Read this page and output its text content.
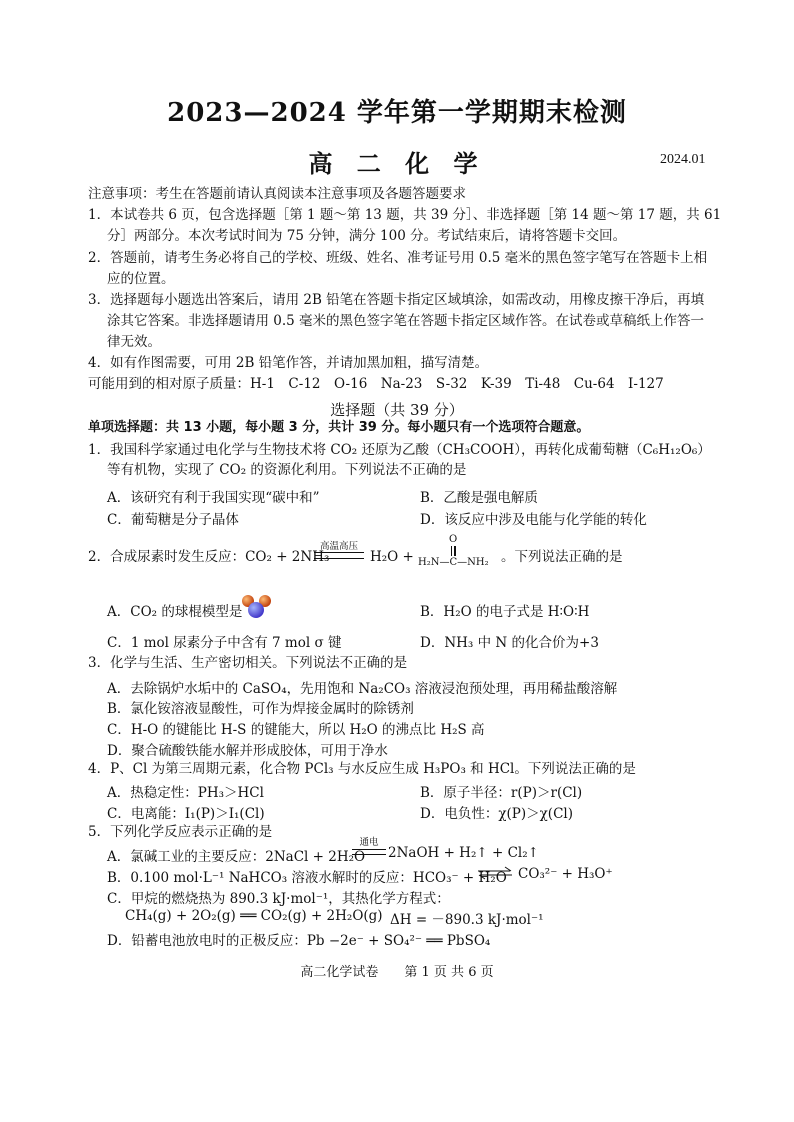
2023—2024 学年第一学期期末检测
高 二 化 学	2024.01
注意事项：考生在答题前请认真阅读本注意事项及各题答题要求
1．本试卷共 6 页，包含选择题［第 1 题～第 13 题，共 39 分］、非选择题［第 14 题～第 17 题，共 61
分］两部分。本次考试时间为 75 分钟，满分 100 分。考试结束后，请将答题卡交回。
2．答题前，请考生务必将自己的学校、班级、姓名、准考证号用 0.5 毫米的黑色签字笔写在答题卡上相
应的位置。
3．选择题每小题选出答案后，请用 2B 铅笔在答题卡指定区域填涂，如需改动，用橡皮擦干净后，再填
涂其它答案。非选择题请用 0.5 毫米的黑色签字笔在答题卡指定区域作答。在试卷或草稿纸上作答一
律无效。
4．如有作图需要，可用 2B 铅笔作答，并请加黑加粗，描写清楚。
可能用到的相对原子质量：H-1　C-12　O-16　Na-23　S-32　K-39　Ti-48　Cu-64　I-127
选择题（共 39 分）
单项选择题：共 13 小题，每小题 3 分，共计 39 分。每小题只有一个选项符合题意。
1．我国科学家通过电化学与生物技术将 CO₂ 还原为乙酸（CH₃COOH），再转化成葡萄糖（C₆H₁₂O₆）
等有机物，实现了 CO₂ 的资源化利用。下列说法不正确的是
A．该研究有利于我国实现“碳中和”	B．乙酸是强电解质
C．葡萄糖是分子晶体	D．该反应中涉及电能与化学能的转化
2．合成尿素时发生反应：CO₂ + 2NH₃
高温高压
H₂O +
O
H₂N—C—NH₂ 。下列说法正确的是
A．CO₂ 的球棍模型是	B．H₂O 的电子式是 H∶O∶H
C．1 mol 尿素分子中含有 7 mol σ 键	D．NH₃ 中 N 的化合价为+3
3．化学与生活、生产密切相关。下列说法不正确的是
A．去除锅炉水垢中的 CaSO₄，先用饱和 Na₂CO₃ 溶液浸泡预处理，再用稀盐酸溶解
B．氯化铵溶液显酸性，可作为焊接金属时的除锈剂
C．H-O 的键能比 H-S 的键能大，所以 H₂O 的沸点比 H₂S 高
D．聚合硫酸铁能水解并形成胶体，可用于净水
4．P、Cl 为第三周期元素，化合物 PCl₃ 与水反应生成 H₃PO₃ 和 HCl。下列说法正确的是
A．热稳定性：PH₃＞HCl	B．原子半径：r(P)＞r(Cl)
C．电离能：I₁(P)＞I₁(Cl)	D．电负性：χ(P)＞χ(Cl)
5．下列化学反应表示正确的是
A．氯碱工业的主要反应：2NaCl + 2H₂O
通电
2NaOH + H₂↑ + Cl₂↑
B．0.100 mol·L⁻¹ NaHCO₃ 溶液水解时的反应：HCO₃⁻ + H₂O ⇌ CO₃²⁻ + H₃O⁺
C．甲烷的燃烧热为 890.3 kJ·mol⁻¹，其热化学方程式：
CH₄(g) + 2O₂(g) ══ CO₂(g) + 2H₂O(g) ΔH = －890.3 kJ·mol⁻¹
D．铅蓄电池放电时的正极反应：Pb −2e⁻ + SO₄²⁻ ══ PbSO₄
高二化学试卷　　第 1 页 共 6 页
